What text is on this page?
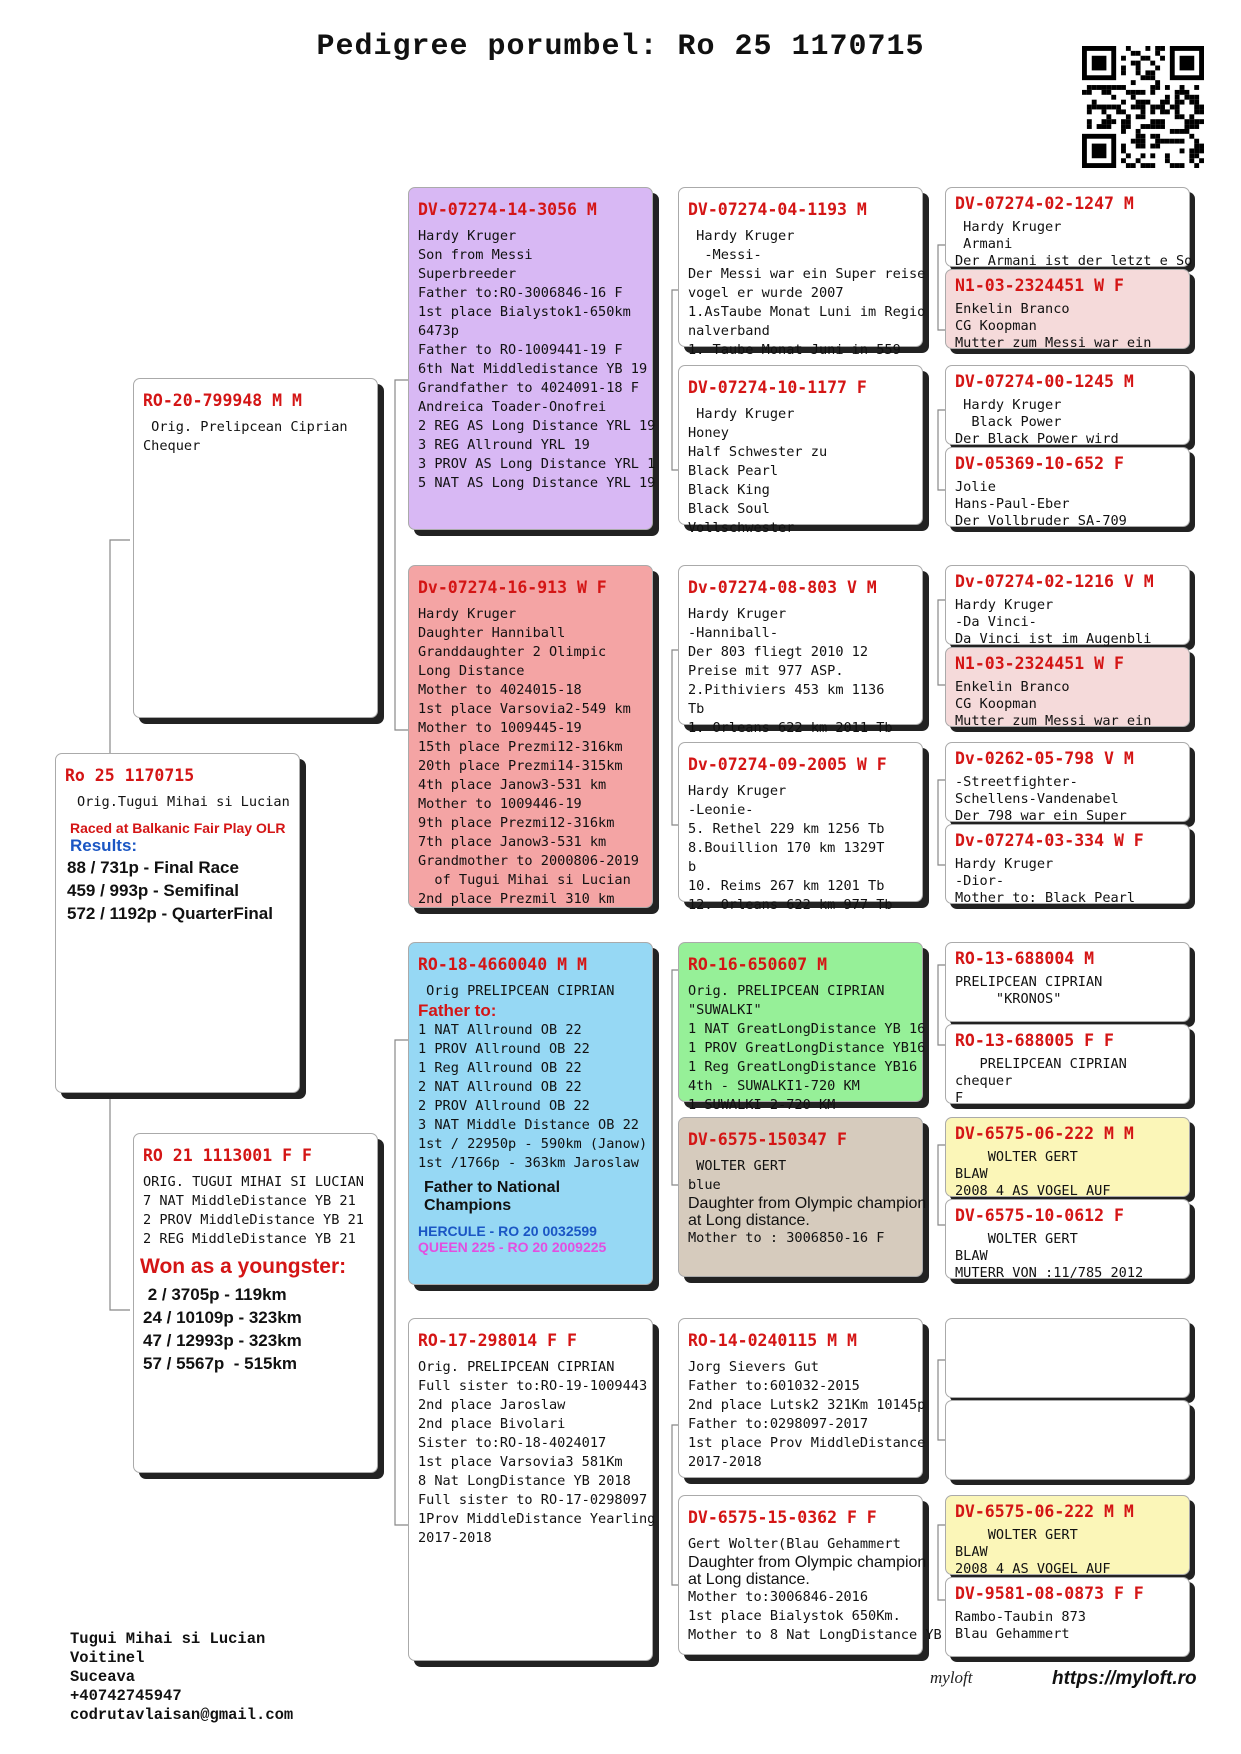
Pedigree porumbel: Ro 25 1170715
Ro 25 1170715
Orig.Tugui Mihai si Lucian
Raced at Balkanic Fair Play OLR
Results:
88 / 731p - Final Race
459 / 993p - Semifinal
572 / 1192p - QuarterFinal
RO-20-799948 M M
Orig. Prelipcean Ciprian
Chequer
RO 21 1113001 F F
ORIG. TUGUI MIHAI SI LUCIAN
7 NAT MiddleDistance YB 21
2 PROV MiddleDistance YB 21
2 REG MiddleDistance YB 21
Won as a youngster:
2 / 3705p - 119km
24 / 10109p - 323km
47 / 12993p - 323km
57 / 5567p  - 515km
DV-07274-14-3056 M
Hardy Kruger
Son from Messi
Superbreeder
Father to:RO-3006846-16 F
1st place Bialystok1-650km
6473p
Father to RO-1009441-19 F
6th Nat Middledistance YB 19
Grandfather to 4024091-18 F
Andreica Toader-Onofrei
2 REG AS Long Distance YRL 19
3 REG Allround YRL 19
3 PROV AS Long Distance YRL 1
5 NAT AS Long Distance YRL 19
Dv-07274-16-913 W F
Hardy Kruger
Daughter Hanniball
Granddaughter 2 Olimpic
Long Distance
Mother to 4024015-18
1st place Varsovia2-549 km
Mother to 1009445-19
15th place Prezmi12-316km
20th place Prezmi14-315km
4th place Janow3-531 km
Mother to 1009446-19
9th place Prezmi12-316km
7th place Janow3-531 km
Grandmother to 2000806-2019
of Tugui Mihai si Lucian
2nd place Prezmil 310 km
RO-18-4660040 M M
Orig PRELIPCEAN CIPRIAN
Father to:
1 NAT Allround OB 22
1 PROV Allround OB 22
1 Reg Allround OB 22
2 NAT Allround OB 22
2 PROV Allround OB 22
3 NAT Middle Distance OB 22
1st / 22950p - 590km (Janow)
1st /1766p - 363km Jaroslaw
Father to National Champions
HERCULE - RO 20 0032599
QUEEN 225 - RO 20 2009225
RO-17-298014 F F
Orig. PRELIPCEAN CIPRIAN
Full sister to:RO-19-1009443
2nd place Jaroslaw
2nd place Bivolari
Sister to:RO-18-4024017
1st place Varsovia3 581Km
8 Nat LongDistance YB 2018
Full sister to RO-17-0298097
1Prov MiddleDistance Yearling
2017-2018
DV-07274-04-1193 M
Hardy Kruger
-Messi-
Der Messi war ein Super reise
vogel er wurde 2007
1.AsTaube Monat Luni im Regio
nalverband
1. Taube Monat Juni in 559
DV-07274-10-1177 F
Hardy Kruger
Honey
Half Schwester zu
Black Pearl
Black King
Black Soul
Vollschwester
Dv-07274-08-803 V M
Hardy Kruger
-Hanniball-
Der 803 fliegt 2010 12
Preise mit 977 ASP.
2.Pithiviers 453 km 1136
Tb
1. Orleans 622 km 2011 Tb
Dv-07274-09-2005 W F
Hardy Kruger
-Leonie-
5. Rethel 229 km 1256 Tb
8.Bouillion 170 km 1329T
b
10. Reims 267 km 1201 Tb
12. Orleans 622 km 977 Tb
RO-16-650607 M
Orig. PRELIPCEAN CIPRIAN
"SUWALKI"
1 NAT GreatLongDistance YB 16
1 PROV GreatLongDistance YB16
1 Reg GreatLongDistance YB16
4th - SUWALKI1-720 KM
1 SUWALKI 2-720 KM
DV-6575-150347 F
WOLTER GERT
blue
Daughter from Olympic champion
at Long distance.
Mother to : 3006850-16 F
RO-14-0240115 M M
Jorg Sievers Gut
Father to:601032-2015
2nd place Lutsk2 321Km 10145p
Father to:0298097-2017
1st place Prov MiddleDistance
2017-2018
DV-6575-15-0362 F F
Gert Wolter(Blau Gehammert
Daughter from Olympic champion
at Long distance.
Mother to:3006846-2016
1st place Bialystok 650Km.
Mother to 8 Nat LongDistance YB
DV-07274-02-1247 M
Hardy Kruger
Armani
Der Armani ist der letzt e So
N1-03-2324451 W F
Enkelin Branco
CG Koopman
Mutter zum Messi war ein
DV-07274-00-1245 M
Hardy Kruger
Black Power
Der Black Power wird
DV-05369-10-652 F
Jolie
Hans-Paul-Eber
Der Vollbruder SA-709
Dv-07274-02-1216 V M
Hardy Kruger
-Da Vinci-
Da Vinci ist im Augenbli
N1-03-2324451 W F
Enkelin Branco
CG Koopman
Mutter zum Messi war ein
Dv-0262-05-798 V M
-Streetfighter-
Schellens-Vandenabel
Der 798 war ein Super
Dv-07274-03-334 W F
Hardy Kruger
-Dior-
Mother to: Black Pearl
RO-13-688004 M
PRELIPCEAN CIPRIAN
"KRONOS"
RO-13-688005 F F
PRELIPCEAN CIPRIAN
chequer
F
DV-6575-06-222 M M
WOLTER GERT
BLAW
2008 4 AS VOGEL AUF
DV-6575-10-0612 F
WOLTER GERT
BLAW
MUTERR VON :11/785 2012
DV-6575-06-222 M M
WOLTER GERT
BLAW
2008 4 AS VOGEL AUF
DV-9581-08-0873 F F
Rambo-Taubin 873
Blau Gehammert
Tugui Mihai si Lucian
Voitinel
Suceava
+40742745947
codrutavlaisan@gmail.com
myloft	https://myloft.ro
